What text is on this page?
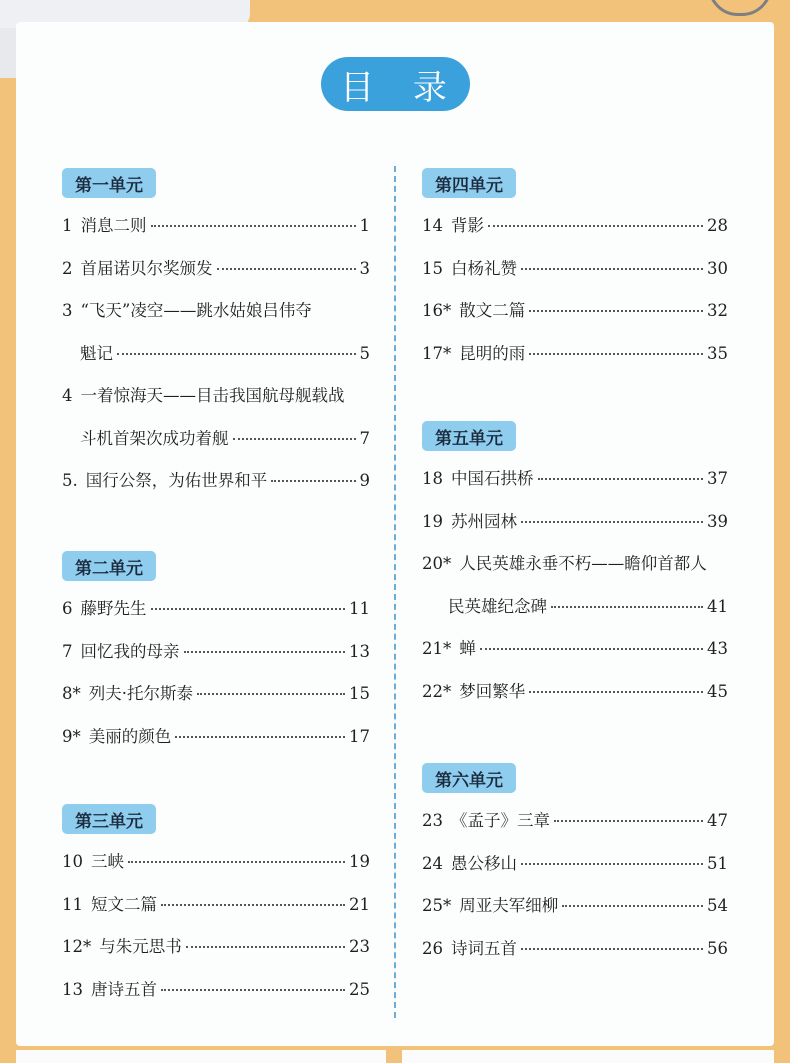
目 录
第一单元
1 消息二则	1
2 首届诺贝尔奖颁发	3
3 “飞天”凌空——跳水姑娘吕伟夺
魁记	5
4 一着惊海天——目击我国航母舰载战
斗机首架次成功着舰	7
5. 国行公祭，为佑世界和平	9
第二单元
6 藤野先生	11
7 回忆我的母亲	13
8* 列夫·托尔斯泰	15
9* 美丽的颜色	17
第三单元
10 三峡	19
11 短文二篇	21
12* 与朱元思书	23
13 唐诗五首	25
第四单元
14 背影	28
15 白杨礼赞	30
16* 散文二篇	32
17* 昆明的雨	35
第五单元
18 中国石拱桥	37
19 苏州园林	39
20* 人民英雄永垂不朽——瞻仰首都人
民英雄纪念碑	41
21* 蝉	43
22* 梦回繁华	45
第六单元
23 《孟子》三章	47
24 愚公移山	51
25* 周亚夫军细柳	54
26 诗词五首	56
